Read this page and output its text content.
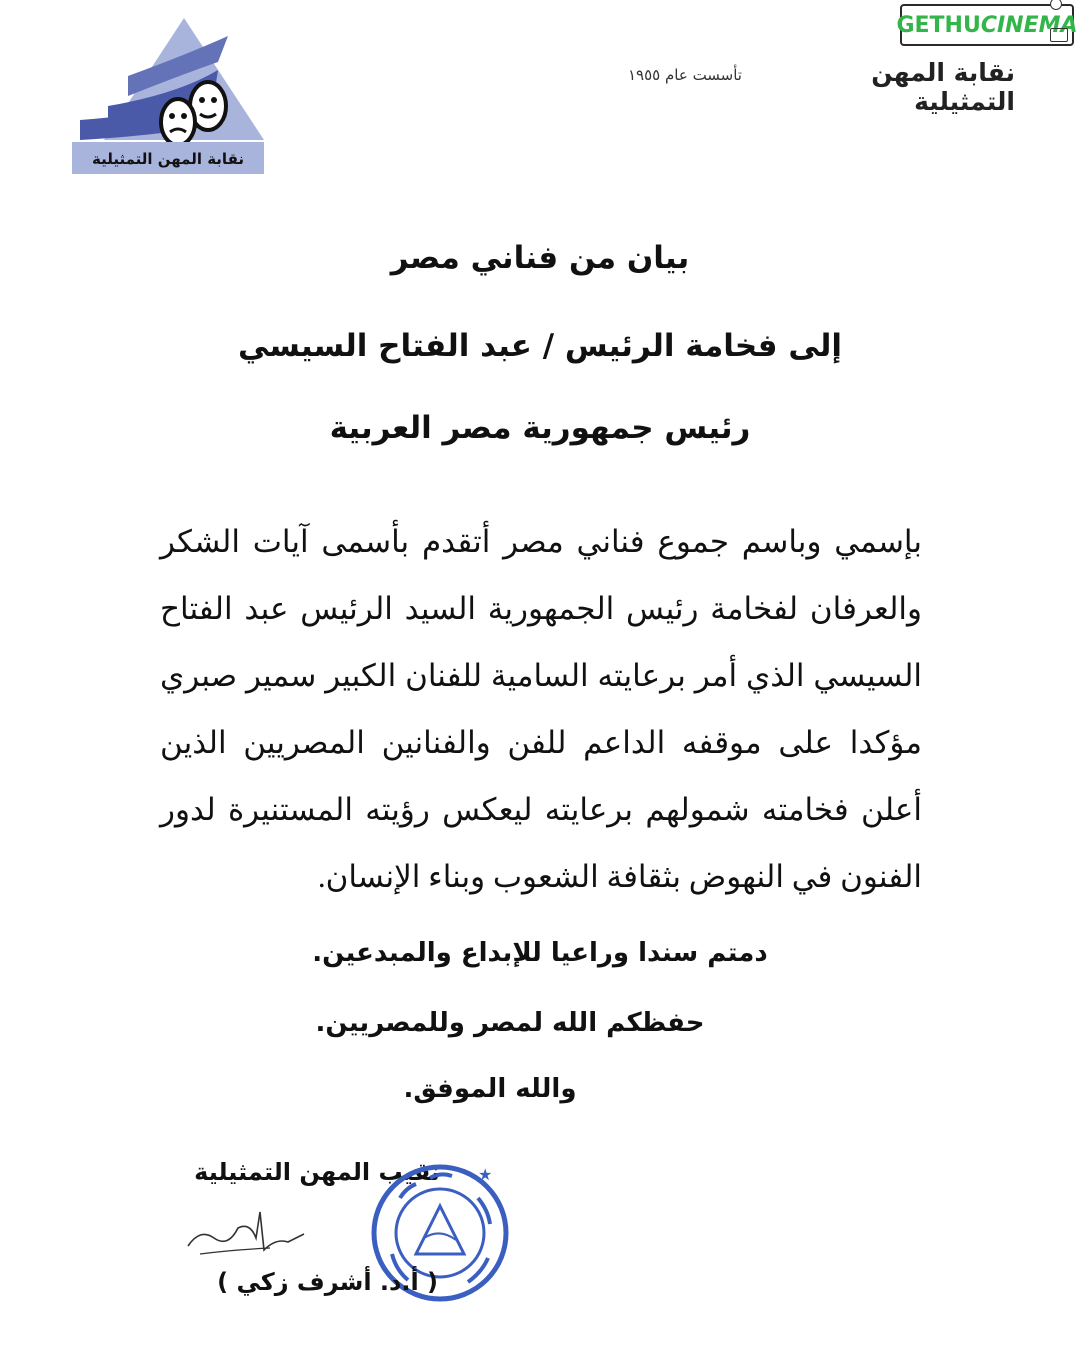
GETHU CINEMA
نقابة المهن التمثيلية
نقابة المهن التمثيلية
تأسست عام ١٩٥٥
بيان من فناني مصر
إلى فخامة الرئيس / عبد الفتاح السيسي
رئيس جمهورية مصر العربية
بإسمي وباسم جموع فناني مصر أتقدم بأسمى آيات الشكر والعرفان لفخامة رئيس الجمهورية السيد الرئيس عبد الفتاح السيسي الذي أمر برعايته السامية للفنان الكبير سمير صبري مؤكدا على موقفه الداعم للفن والفنانين المصريين الذين أعلن فخامته شمولهم برعايته ليعكس رؤيته المستنيرة لدور الفنون في النهوض بثقافة الشعوب وبناء الإنسان.
دمتم سندا وراعيا للإبداع والمبدعين.
حفظكم الله لمصر وللمصريين.
والله الموفق.
نقيب المهن التمثيلية ★
( أ.د. أشرف زكي )
